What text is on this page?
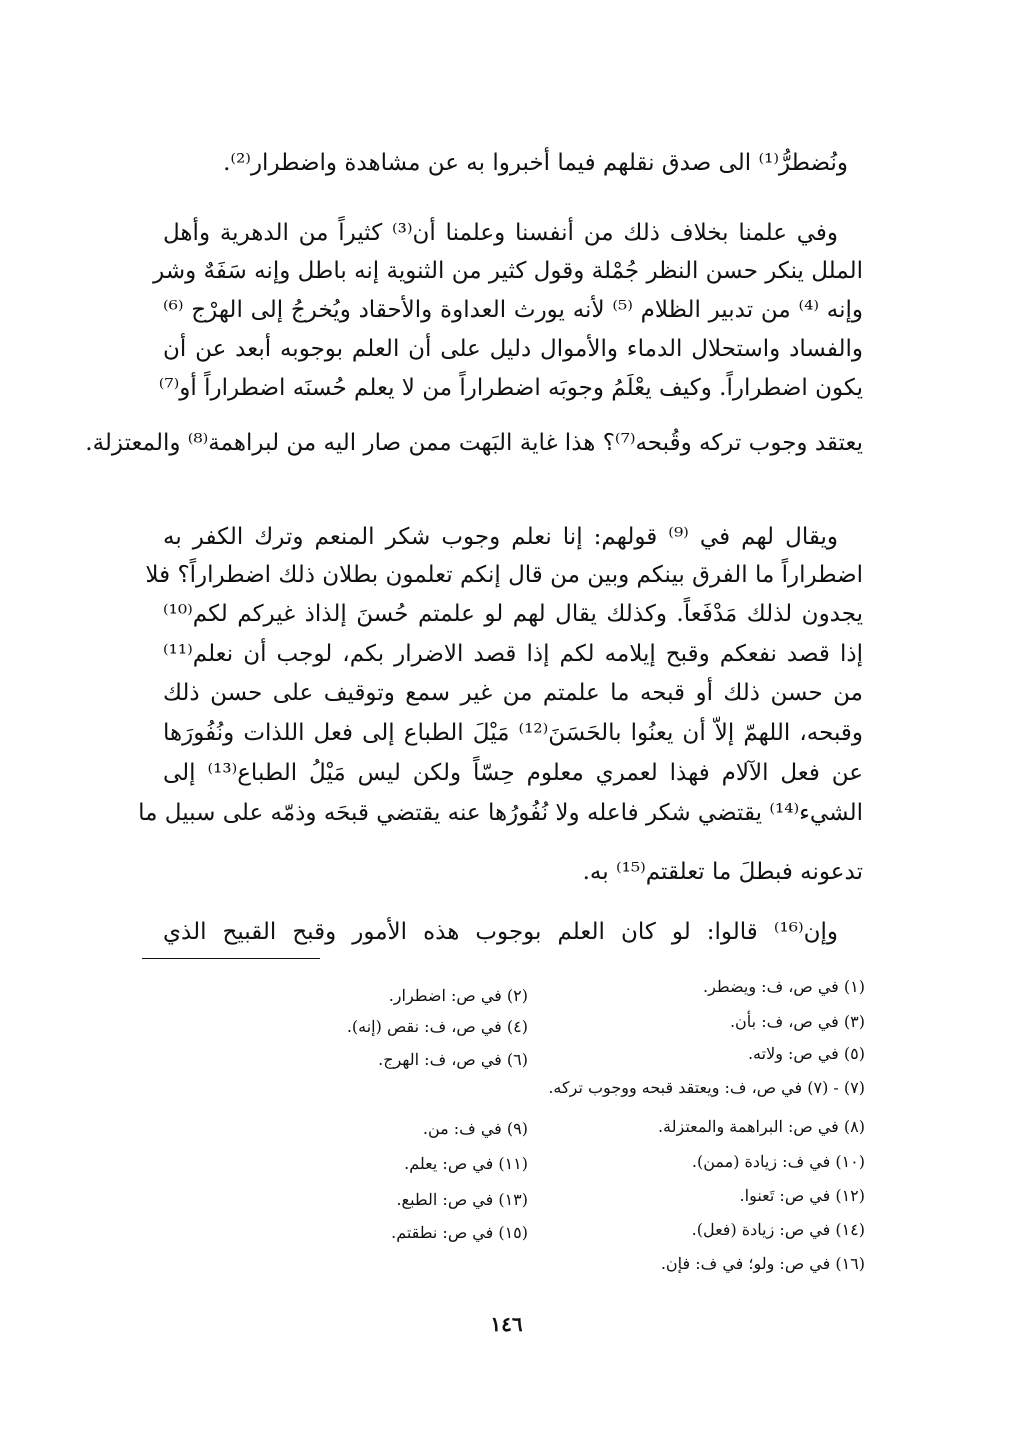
ونُضطرُّ⁽¹⁾ الى صدق نقلهم فيما أخبروا به عن مشاهدة واضطرار⁽²⁾.
وفي علمنا بخلاف ذلك من أنفسنا وعلمنا أن⁽³⁾ كثيراً من الدهرية وأهل
الملل ينكر حسن النظر جُمْلة وقول كثير من الثنوية إنه باطل وإنه سَفَهٌ وشر
وإنه ⁽⁴⁾ من تدبير الظلام ⁽⁵⁾ لأنه يورث العداوة والأحقاد ويُخرجُ إلى الهرْج ⁽⁶⁾
والفساد واستحلال الدماء والأموال دليل على أن العلم بوجوبه أبعد عن أن
يكون اضطراراً. وكيف يعْلَمُ وجوبَه اضطراراً من لا يعلم حُسنَه اضطراراً أو⁽⁷⁾
يعتقد وجوب تركه وقُبحه⁽⁷⁾؟ هذا غاية البَهت ممن صار اليه من لبراهمة⁽⁸⁾ والمعتزلة.
ويقال لهم في ⁽⁹⁾ قولهم: إنا نعلم وجوب شكر المنعم وترك الكفر به
اضطراراً ما الفرق بينكم وبين من قال إنكم تعلمون بطلان ذلك اضطراراً؟ فلا
يجدون لذلك مَدْفَعاً. وكذلك يقال لهم لو علمتم حُسنَ إلذاذ غيركم لكم⁽¹⁰⁾
إذا قصد نفعكم وقبح إيلامه لكم إذا قصد الاضرار بكم، لوجب أن نعلم⁽¹¹⁾
من حسن ذلك أو قبحه ما علمتم من غير سمع وتوقيف على حسن ذلك
وقبحه، اللهمّ إلاّ أن يعنُوا بالحَسَنَ⁽¹²⁾ مَيْلَ الطباع إلى فعل اللذات ونُفُورَها
عن فعل الآلام فهذا لعمري معلوم حِسّاً ولكن ليس مَيْلُ الطباع⁽¹³⁾ إلى
الشيء⁽¹⁴⁾ يقتضي شكر فاعله ولا نُفُورُها عنه يقتضي قبحَه وذمّه على سبيل ما
تدعونه فبطلَ ما تعلقتم⁽¹⁵⁾ به.
وإن⁽¹⁶⁾ قالوا: لو كان العلم بوجوب هذه الأمور وقبح القبيح الذي
(١) في ص، ف: ويضطر.
(٢) في ص: اضطرار.
(٣) في ص، ف: بأن.
(٤) في ص، ف: نقص (إنه).
(٥) في ص: ولاته.
(٦) في ص، ف: الهرج.
(٧) - (٧) في ص، ف: ويعتقد قبحه ووجوب تركه.
(٨) في ص: البراهمة والمعتزلة.
(٩) في ف: من.
(١٠) في ف: زيادة (ممن).
(١١) في ص: يعلم.
(١٢) في ص: تَعنوا.
(١٣) في ص: الطبع.
(١٤) في ص: زيادة (فعل).
(١٥) في ص: نطقتم.
(١٦) في ص: ولو؛ في ف: فإن.
١٤٦
